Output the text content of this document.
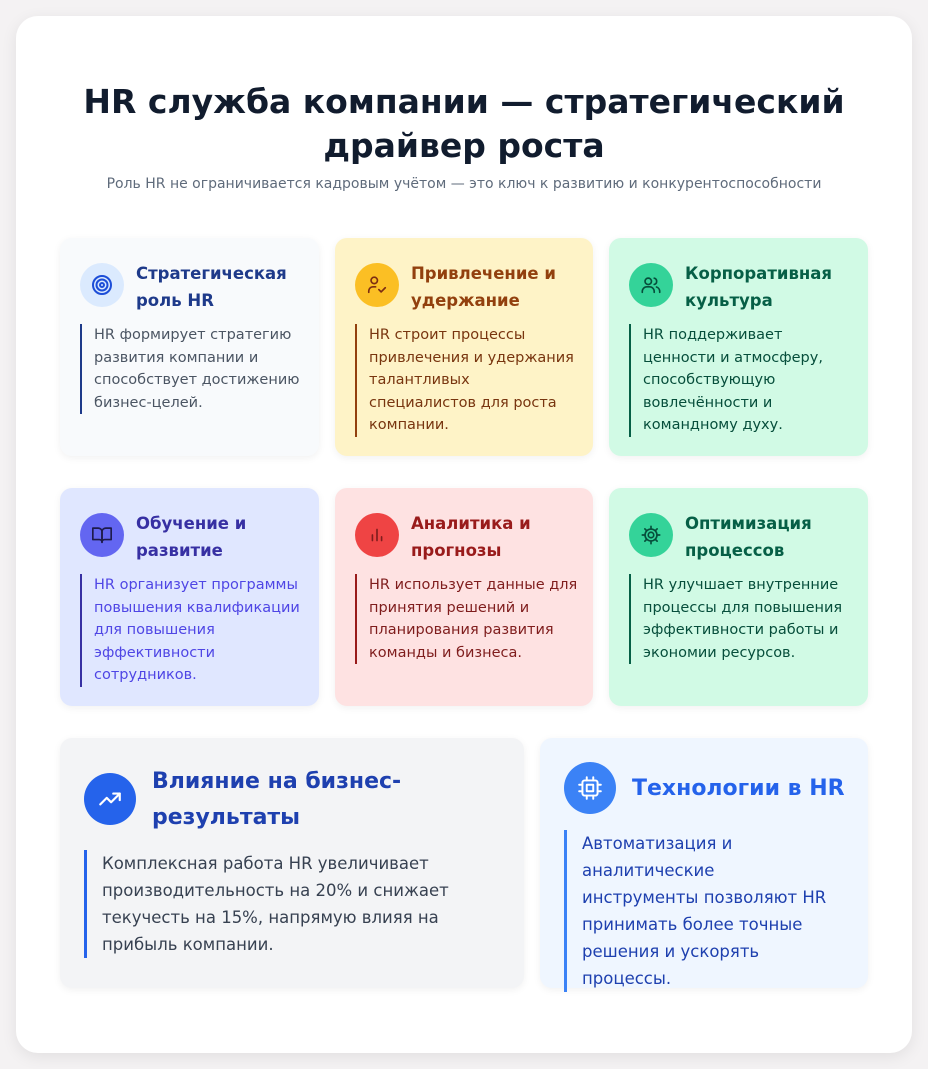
HR служба компании — стратегический
драйвер роста
Роль HR не ограничивается кадровым учётом — это ключ к развитию и конкурентоспособности
Стратегическая роль HR
HR формирует стратегию развития компании и способствует достижению бизнес-целей.
Привлечение и удержание
HR строит процессы привлечения и удержания талантливых специалистов для роста компании.
Корпоративная культура
HR поддерживает ценности и атмосферу, способствующую вовлечённости и командному духу.
Обучение и развитие
HR организует программы повышения квалификации для повышения эффективности сотрудников.
Аналитика и прогнозы
HR использует данные для принятия решений и планирования развития команды и бизнеса.
Оптимизация процессов
HR улучшает внутренние процессы для повышения эффективности работы и экономии ресурсов.
Влияние на бизнес-результаты
Комплексная работа HR увеличивает производительность на 20% и снижает текучесть на 15%, напрямую влияя на прибыль компании.
Технологии в HR
Автоматизация и аналитические инструменты позволяют HR принимать более точные решения и ускорять процессы.
